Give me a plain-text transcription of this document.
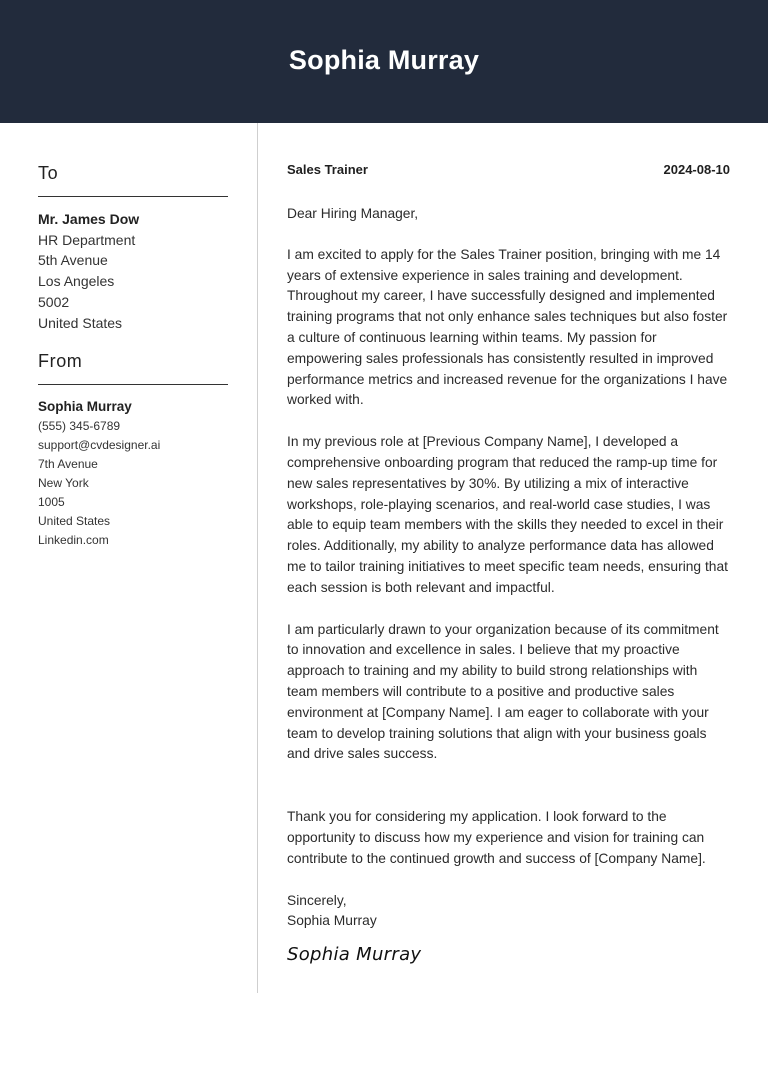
Sophia Murray
To
Mr. James Dow
HR Department
5th Avenue
Los Angeles
5002
United States
From
Sophia Murray
(555) 345-6789
support@cvdesigner.ai
7th Avenue
New York
1005
United States
Linkedin.com
Sales Trainer	2024-08-10
Dear Hiring Manager,

I am excited to apply for the Sales Trainer position, bringing with me 14 years of extensive experience in sales training and development. Throughout my career, I have successfully designed and implemented training programs that not only enhance sales techniques but also foster a culture of continuous learning within teams. My passion for empowering sales professionals has consistently resulted in improved performance metrics and increased revenue for the organizations I have worked with.

In my previous role at [Previous Company Name], I developed a comprehensive onboarding program that reduced the ramp-up time for new sales representatives by 30%. By utilizing a mix of interactive workshops, role-playing scenarios, and real-world case studies, I was able to equip team members with the skills they needed to excel in their roles. Additionally, my ability to analyze performance data has allowed me to tailor training initiatives to meet specific team needs, ensuring that each session is both relevant and impactful.

I am particularly drawn to your organization because of its commitment to innovation and excellence in sales. I believe that my proactive approach to training and my ability to build strong relationships with team members will contribute to a positive and productive sales environment at [Company Name]. I am eager to collaborate with your team to develop training solutions that align with your business goals and drive sales success.

Thank you for considering my application. I look forward to the opportunity to discuss how my experience and vision for training can contribute to the continued growth and success of [Company Name].

Sincerely,
Sophia Murray
Sophia Murray
